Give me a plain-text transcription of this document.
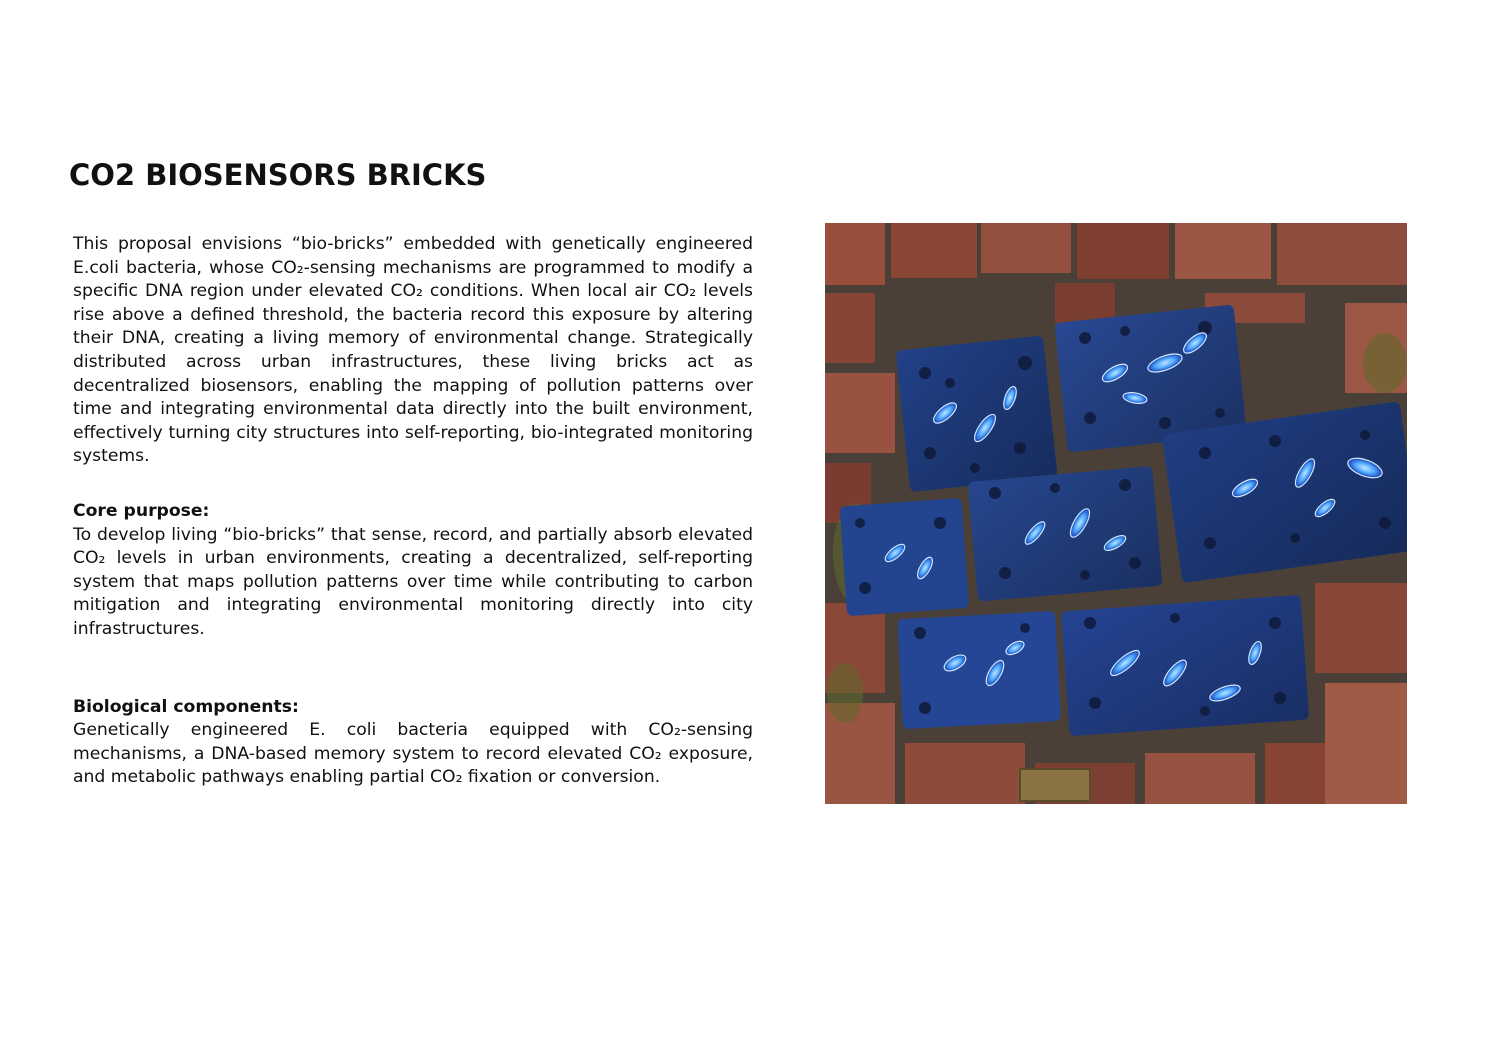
CO2 BIOSENSORS BRICKS

This proposal envisions “bio-bricks” embedded with genetically engineered E.coli bacteria, whose CO₂-sensing mechanisms are programmed to modify a specific DNA region under elevated CO₂ conditions. When local air CO₂ levels rise above a defined threshold, the bacteria record this exposure by altering their DNA, creating a living memory of environmental change. Strategically distributed across urban infrastructures, these living bricks act as decentralized biosensors, enabling the mapping of pollution patterns over time and integrating environmental data directly into the built environment, effectively turning city structures into self-reporting, bio-integrated monitoring systems.

Core purpose:

To develop living “bio-bricks” that sense, record, and partially absorb elevated CO₂ levels in urban environments, creating a decentralized, self-reporting system that maps pollution patterns over time while contributing to carbon mitigation and integrating environmental monitoring directly into city infrastructures.

Biological components:

Genetically engineered E. coli bacteria equipped with CO₂-sensing mechanisms, a DNA-based memory system to record elevated CO₂ exposure, and metabolic pathways enabling partial CO₂ fixation or conversion.
